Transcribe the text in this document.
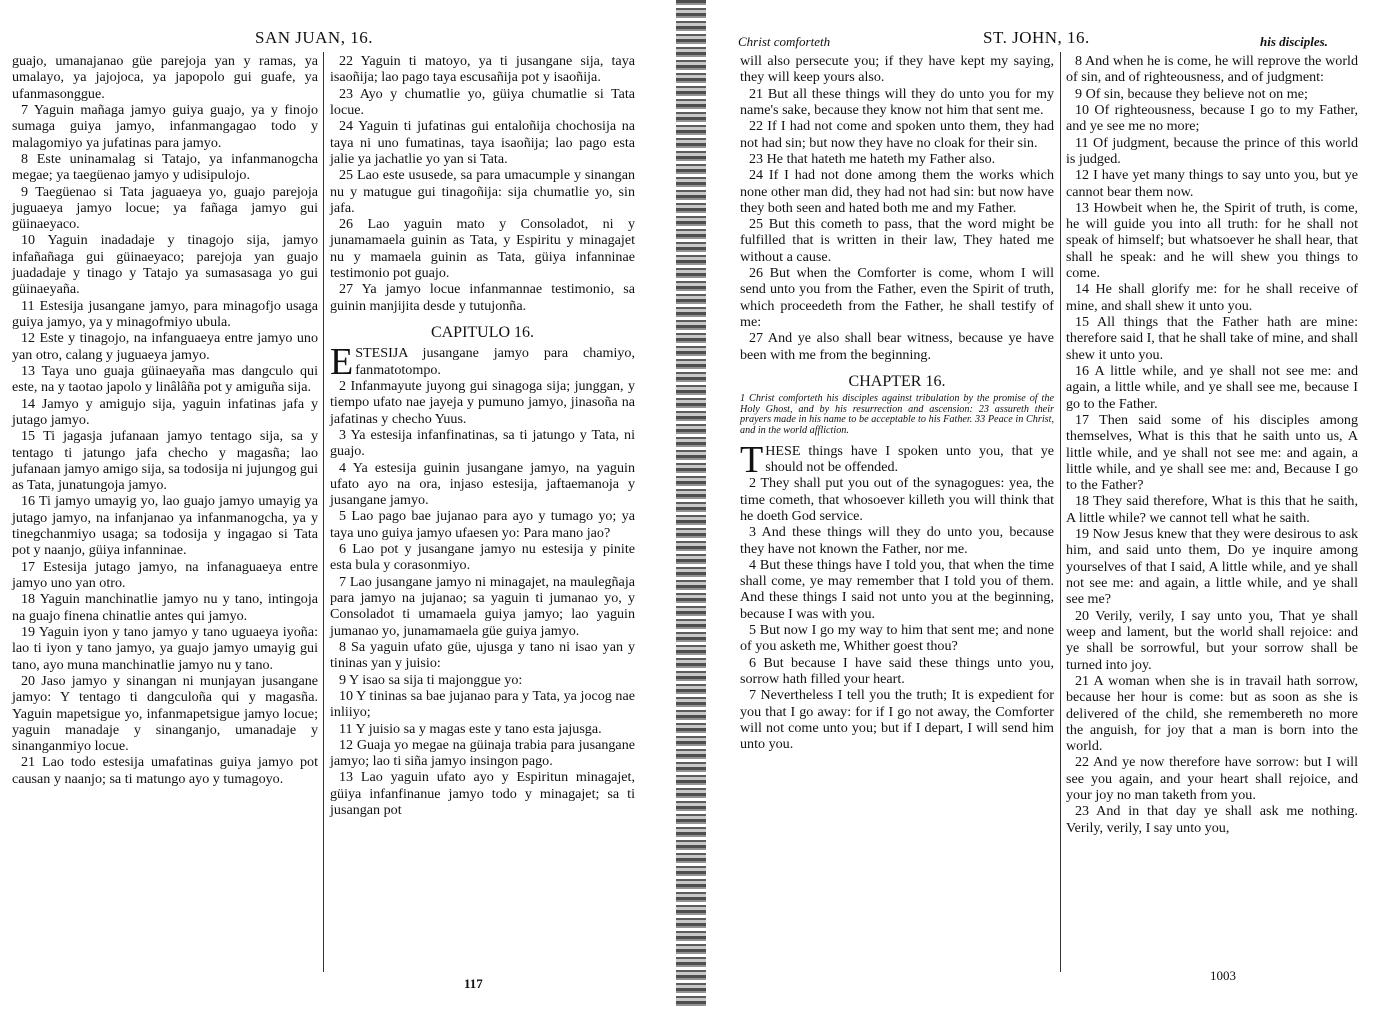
SAN JUAN, 16.

guajo, umanajanao güe parejoja yan y ramas, ya umalayo, ya jajojoca, ya japopolo gui guafe, ya ufanmasonggue.

7 Yaguin mañaga jamyo guiya guajo, ya y finojo sumaga guiya jamyo, infanmangagao todo y malagomiyo ya jufatinas para jamyo.

8 Este uninamalag si Tatajo, ya infanmanogcha megae; ya taegüenao jamyo y udisipulojo.

9 Taegüenao si Tata jaguaeya yo, guajo parejoja juguaeya jamyo locue; ya fañaga jamyo gui güinaeyaco.

10 Yaguin inadadaje y tinagojo sija, jamyo infañañaga gui güinaeyaco; parejoja yan guajo juadadaje y tinago y Tatajo ya sumasasaga yo gui güinaeyaña.

11 Estesija jusangane jamyo, para minagofjo usaga guiya jamyo, ya y minagofmiyo ubula.

12 Este y tinagojo, na infanguaeya entre jamyo uno yan otro, calang y juguaeya jamyo.

13 Taya uno guaja güinaeyaña mas dangculo qui este, na y taotao japolo y linâlâña pot y amiguña sija.

14 Jamyo y amigujo sija, yaguin infatinas jafa y jutago jamyo.

15 Ti jagasja jufanaan jamyo tentago sija, sa y tentago ti jatungo jafa checho y magasña; lao jufanaan jamyo amigo sija, sa todosija ni jujungog gui as Tata, junatungoja jamyo.

16 Ti jamyo umayig yo, lao guajo jamyo umayig ya jutago jamyo, na infanjanao ya infanmanogcha, ya y tinegchanmiyo usaga; sa todosija y ingagao si Tata pot y naanjo, güiya infanninae.

17 Estesija jutago jamyo, na infanaguaeya entre jamyo uno yan otro.

18 Yaguin manchinatlie jamyo nu y tano, intingoja na guajo finena chinatlie antes qui jamyo.

19 Yaguin iyon y tano jamyo y tano uguaeya iyoña: lao ti iyon y tano jamyo, ya guajo jamyo umayig gui tano, ayo muna manchinatlie jamyo nu y tano.

20 Jaso jamyo y sinangan ni munjayan jusangane jamyo: Y tentago ti dangculoña qui y magasña. Yaguin mapetsigue yo, infanmapetsigue jamyo locue; yaguin manadaje y sinanganjo, umanadaje y sinanganmiyo locue.

21 Lao todo estesija umafatinas guiya jamyo pot causan y naanjo; sa ti matungo ayo y tumagoyo.

22 Yaguin ti matoyo, ya ti jusangane sija, taya isaoñija; lao pago taya escusañija pot y isaoñija.

23 Ayo y chumatlie yo, güiya chumatlie si Tata locue.

24 Yaguin ti jufatinas gui entaloñija chochosija na taya ni uno fumatinas, taya isaoñija; lao pago esta jalie ya jachatlie yo yan si Tata.

25 Lao este ususede, sa para umacumple y sinangan nu y matugue gui tinagoñija: sija chumatlie yo, sin jafa.

26 Lao yaguin mato y Consoladot, ni y junamamaela guinin as Tata, y Espiritu y minagajet nu y mamaela guinin as Tata, güiya infanninae testimonio pot guajo.

27 Ya jamyo locue infanmannae testimonio, sa guinin manjijita desde y tutujonña.

CAPITULO 16.

ESTESIJA jusangane jamyo para chamiyo, fanmatotompo.

2 Infanmayute juyong gui sinagoga sija; junggan, y tiempo ufato nae jayeja y pumuno jamyo, jinasoña na jafatinas y checho Yuus.

3 Ya estesija infanfinatinas, sa ti jatungo y Tata, ni guajo.

4 Ya estesija guinin jusangane jamyo, na yaguin ufato ayo na ora, injaso estesija, jaftaemanoja y jusangane jamyo.

5 Lao pago bae jujanao para ayo y tumago yo; ya taya uno guiya jamyo ufaesen yo: Para mano jao?

6 Lao pot y jusangane jamyo nu estesija y pinite esta bula y corasonmiyo.

7 Lao jusangane jamyo ni minagajet, na maulegñaja para jamyo na jujanao; sa yaguin ti jumanao yo, y Consoladot ti umamaela guiya jamyo; lao yaguin jumanao yo, junamamaela güe guiya jamyo.

8 Sa yaguin ufato güe, ujusga y tano ni isao yan y tininas yan y juisio:

9 Y isao sa sija ti majonggue yo:

10 Y tininas sa bae jujanao para y Tata, ya jocog nae inliiyo;

11 Y juisio sa y magas este y tano esta jajusga.

12 Guaja yo megae na güinaja trabia para jusangane jamyo; lao ti siña jamyo insingon pago.

13 Lao yaguin ufato ayo y Espiritun minagajet, güiya infanfinanue jamyo todo y minagajet; sa ti jusangan pot

117
Christ comforteth	ST. JOHN, 16.	his disciples.

will also persecute you; if they have kept my saying, they will keep yours also.

21 But all these things will they do unto you for my name's sake, because they know not him that sent me.

22 If I had not come and spoken unto them, they had not had sin; but now they have no cloak for their sin.

23 He that hateth me hateth my Father also.

24 If I had not done among them the works which none other man did, they had not had sin: but now have they both seen and hated both me and my Father.

25 But this cometh to pass, that the word might be fulfilled that is written in their law, They hated me without a cause.

26 But when the Comforter is come, whom I will send unto you from the Father, even the Spirit of truth, which proceedeth from the Father, he shall testify of me:

27 And ye also shall bear witness, because ye have been with me from the beginning.

CHAPTER 16.
1 Christ comforteth his disciples against tribulation by the promise of the Holy Ghost, and by his resurrection and ascension: 23 assureth their prayers made in his name to be acceptable to his Father. 33 Peace in Christ, and in the world affliction.

THESE things have I spoken unto you, that ye should not be offended.

2 They shall put you out of the synagogues: yea, the time cometh, that whosoever killeth you will think that he doeth God service.

3 And these things will they do unto you, because they have not known the Father, nor me.

4 But these things have I told you, that when the time shall come, ye may remember that I told you of them. And these things I said not unto you at the beginning, because I was with you.

5 But now I go my way to him that sent me; and none of you asketh me, Whither goest thou?

6 But because I have said these things unto you, sorrow hath filled your heart.

7 Nevertheless I tell you the truth; It is expedient for you that I go away: for if I go not away, the Comforter will not come unto you; but if I depart, I will send him unto you.

8 And when he is come, he will reprove the world of sin, and of righteousness, and of judgment:

9 Of sin, because they believe not on me;

10 Of righteousness, because I go to my Father, and ye see me no more;

11 Of judgment, because the prince of this world is judged.

12 I have yet many things to say unto you, but ye cannot bear them now.

13 Howbeit when he, the Spirit of truth, is come, he will guide you into all truth: for he shall not speak of himself; but whatsoever he shall hear, that shall he speak: and he will shew you things to come.

14 He shall glorify me: for he shall receive of mine, and shall shew it unto you.

15 All things that the Father hath are mine: therefore said I, that he shall take of mine, and shall shew it unto you.

16 A little while, and ye shall not see me: and again, a little while, and ye shall see me, because I go to the Father.

17 Then said some of his disciples among themselves, What is this that he saith unto us, A little while, and ye shall not see me: and again, a little while, and ye shall see me: and, Because I go to the Father?

18 They said therefore, What is this that he saith, A little while? we cannot tell what he saith.

19 Now Jesus knew that they were desirous to ask him, and said unto them, Do ye inquire among yourselves of that I said, A little while, and ye shall not see me: and again, a little while, and ye shall see me?

20 Verily, verily, I say unto you, That ye shall weep and lament, but the world shall rejoice: and ye shall be sorrowful, but your sorrow shall be turned into joy.

21 A woman when she is in travail hath sorrow, because her hour is come: but as soon as she is delivered of the child, she remembereth no more the anguish, for joy that a man is born into the world.

22 And ye now therefore have sorrow: but I will see you again, and your heart shall rejoice, and your joy no man taketh from you.

23 And in that day ye shall ask me nothing. Verily, verily, I say unto you,

1003
